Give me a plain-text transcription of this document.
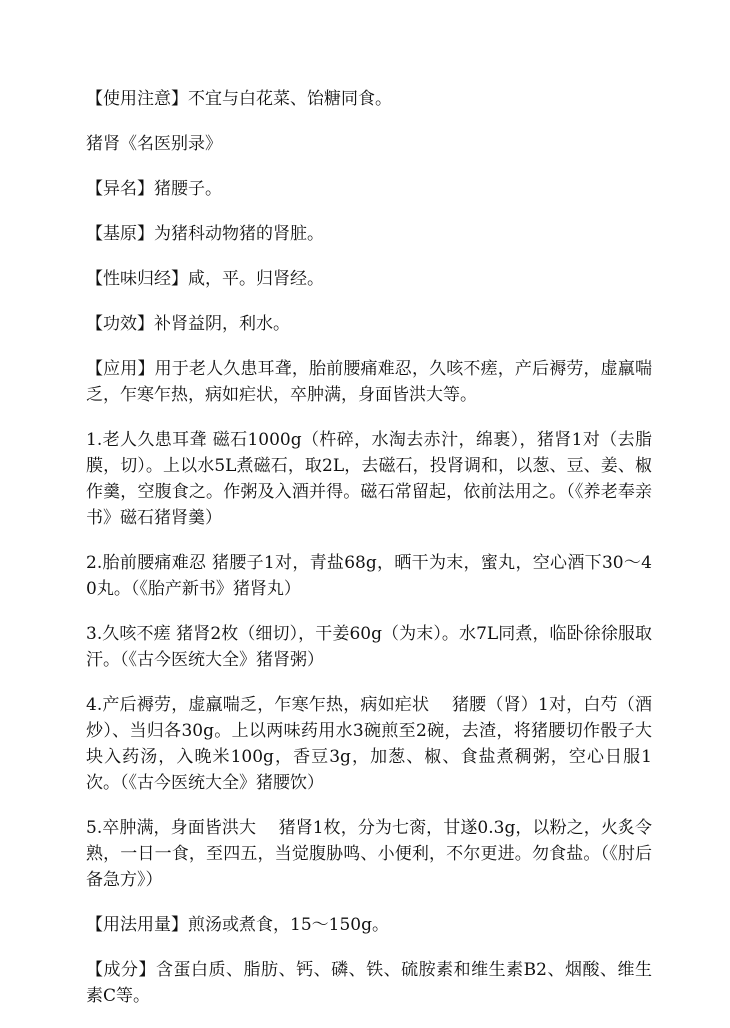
【使用注意】不宜与白花菜、饴糖同食。

猪肾《名医别录》

【异名】猪腰子。

【基原】为猪科动物猪的肾脏。

【性味归经】咸，平。归肾经。

【功效】补肾益阴，利水。

【应用】用于老人久患耳聋，胎前腰痛难忍，久咳不瘥，产后褥劳，虚羸喘乏，乍寒乍热，病如疟状，卒肿满，身面皆洪大等。

1.老人久患耳聋 磁石1000g（杵碎，水淘去赤汁，绵裹），猪肾1对（去脂膜，切）。上以水5L煮磁石，取2L，去磁石，投肾调和，以葱、豆、姜、椒作羹，空腹食之。作粥及入酒并得。磁石常留起，依前法用之。（《养老奉亲书》磁石猪肾羹）

2.胎前腰痛难忍 猪腰子1对，青盐68g，晒干为末，蜜丸，空心酒下30～40丸。（《胎产新书》猪肾丸）

3.久咳不瘥 猪肾2枚（细切），干姜60g（为末）。水7L同煮，临卧徐徐服取汗。（《古今医统大全》猪肾粥）

4.产后褥劳，虚羸喘乏，乍寒乍热，病如疟状 　猪腰（肾）1对，白芍（酒炒）、当归各30g。上以两味药用水3碗煎至2碗，去渣，将猪腰切作骰子大块入药汤，入晚米100g，香豆3g，加葱、椒、食盐煮稠粥，空心日服1次。（《古今医统大全》猪腰饮）

5.卒肿满，身面皆洪大 　猪肾1枚，分为七脔，甘遂0.3g，以粉之，火炙令熟，一日一食，至四五，当觉腹胁鸣、小便利，不尔更进。勿食盐。（《肘后备急方》）

【用法用量】煎汤或煮食，15～150g。

【成分】含蛋白质、脂肪、钙、磷、铁、硫胺素和维生素B2、烟酸、维生素C等。
